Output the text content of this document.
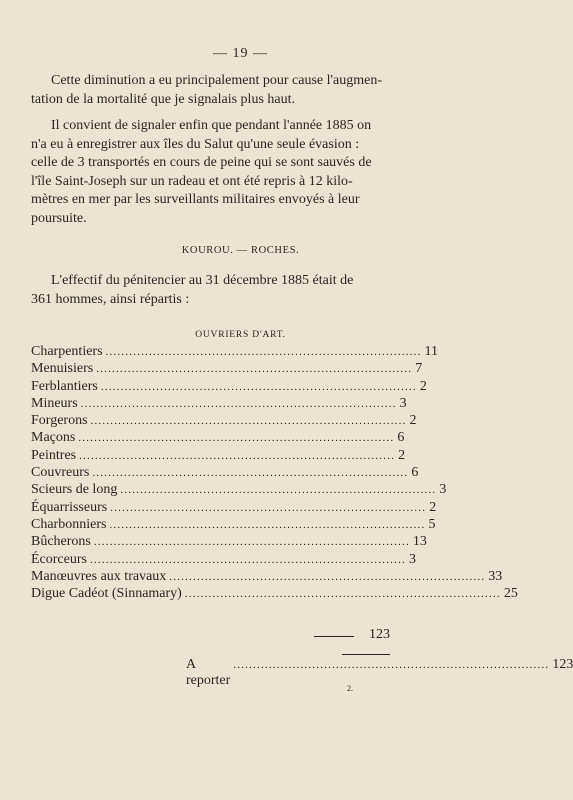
— 19 —
Cette diminution a eu principalement pour cause l'augmen-
tation de la mortalité que je signalais plus haut.
Il convient de signaler enfin que pendant l'année 1885 on
n'a eu à enregistrer aux îles du Salut qu'une seule évasion :
celle de 3 transportés en cours de peine qui se sont sauvés de
l'île Saint-Joseph sur un radeau et ont été repris à 12 kilo-
mètres en mer par les surveillants militaires envoyés à leur
poursuite.
KOUROU. — ROCHES.
L'effectif du pénitencier au 31 décembre 1885 était de
361 hommes, ainsi répartis :
OUVRIERS D'ART.
Charpentiers ................................................................................ 11
Menuisiers ................................................................................ 7
Ferblantiers ................................................................................ 2
Mineurs ................................................................................ 3
Forgerons ................................................................................ 2
Maçons ................................................................................ 6
Peintres ................................................................................ 2
Couvreurs ................................................................................ 6
Scieurs de long ................................................................................ 3
Équarrisseurs ................................................................................ 2
Charbonniers ................................................................................ 5
Bûcherons ................................................................................ 13
Écorceurs ................................................................................ 3
Manœuvres aux travaux ................................................................................ 33
Digue Cadéot (Sinnamary) ................................................................................ 25
123
A reporter
................................................................................ 123
2.
